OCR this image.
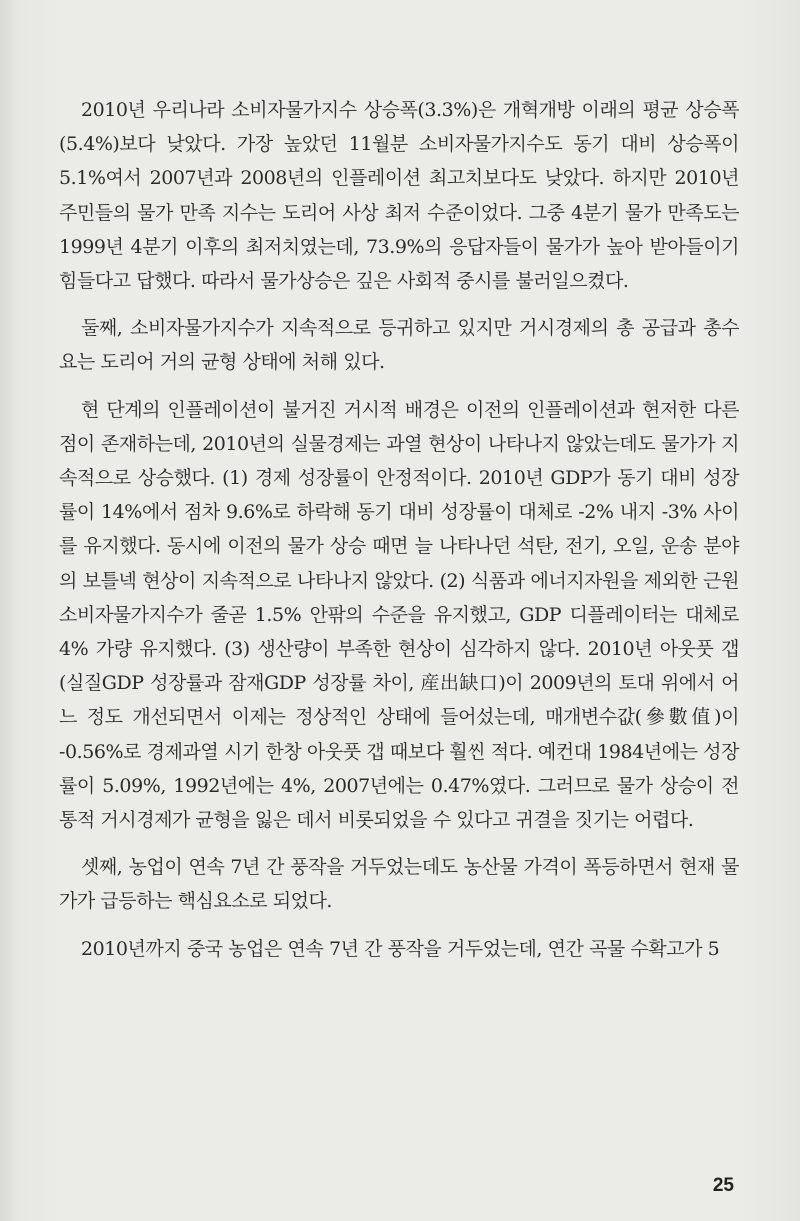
2010년 우리나라 소비자물가지수 상승폭(3.3%)은 개혁개방 이래의 평균 상승폭(5.4%)보다 낮았다. 가장 높았던 11월분 소비자물가지수도 동기 대비 상승폭이 5.1%여서 2007년과 2008년의 인플레이션 최고치보다도 낮았다. 하지만 2010년 주민들의 물가 만족 지수는 도리어 사상 최저 수준이었다. 그중 4분기 물가 만족도는 1999년 4분기 이후의 최저치였는데, 73.9%의 응답자들이 물가가 높아 받아들이기 힘들다고 답했다. 따라서 물가상승은 깊은 사회적 중시를 불러일으켰다.

둘째, 소비자물가지수가 지속적으로 등귀하고 있지만 거시경제의 총 공급과 총수요는 도리어 거의 균형 상태에 처해 있다.

현 단계의 인플레이션이 불거진 거시적 배경은 이전의 인플레이션과 현저한 다른 점이 존재하는데, 2010년의 실물경제는 과열 현상이 나타나지 않았는데도 물가가 지속적으로 상승했다. (1) 경제 성장률이 안정적이다. 2010년 GDP가 동기 대비 성장률이 14%에서 점차 9.6%로 하락해 동기 대비 성장률이 대체로 -2% 내지 -3% 사이를 유지했다. 동시에 이전의 물가 상승 때면 늘 나타나던 석탄, 전기, 오일, 운송 분야의 보틀넥 현상이 지속적으로 나타나지 않았다. (2) 식품과 에너지자원을 제외한 근원 소비자물가지수가 줄곧 1.5% 안팎의 수준을 유지했고, GDP 디플레이터는 대체로 4% 가량 유지했다. (3) 생산량이 부족한 현상이 심각하지 않다. 2010년 아웃풋 갭(실질GDP 성장률과 잠재GDP 성장률 차이, 産出缺口)이 2009년의 토대 위에서 어느 정도 개선되면서 이제는 정상적인 상태에 들어섰는데, 매개변수값(參數值)이 -0.56%로 경제과열 시기 한창 아웃풋 갭 때보다 훨씬 적다. 예컨대 1984년에는 성장률이 5.09%, 1992년에는 4%, 2007년에는 0.47%였다. 그러므로 물가 상승이 전통적 거시경제가 균형을 잃은 데서 비롯되었을 수 있다고 귀결을 짓기는 어렵다.

셋째, 농업이 연속 7년 간 풍작을 거두었는데도 농산물 가격이 폭등하면서 현재 물가가 급등하는 핵심요소로 되었다.

2010년까지 중국 농업은 연속 7년 간 풍작을 거두었는데, 연간 곡물 수확고가 5

25
